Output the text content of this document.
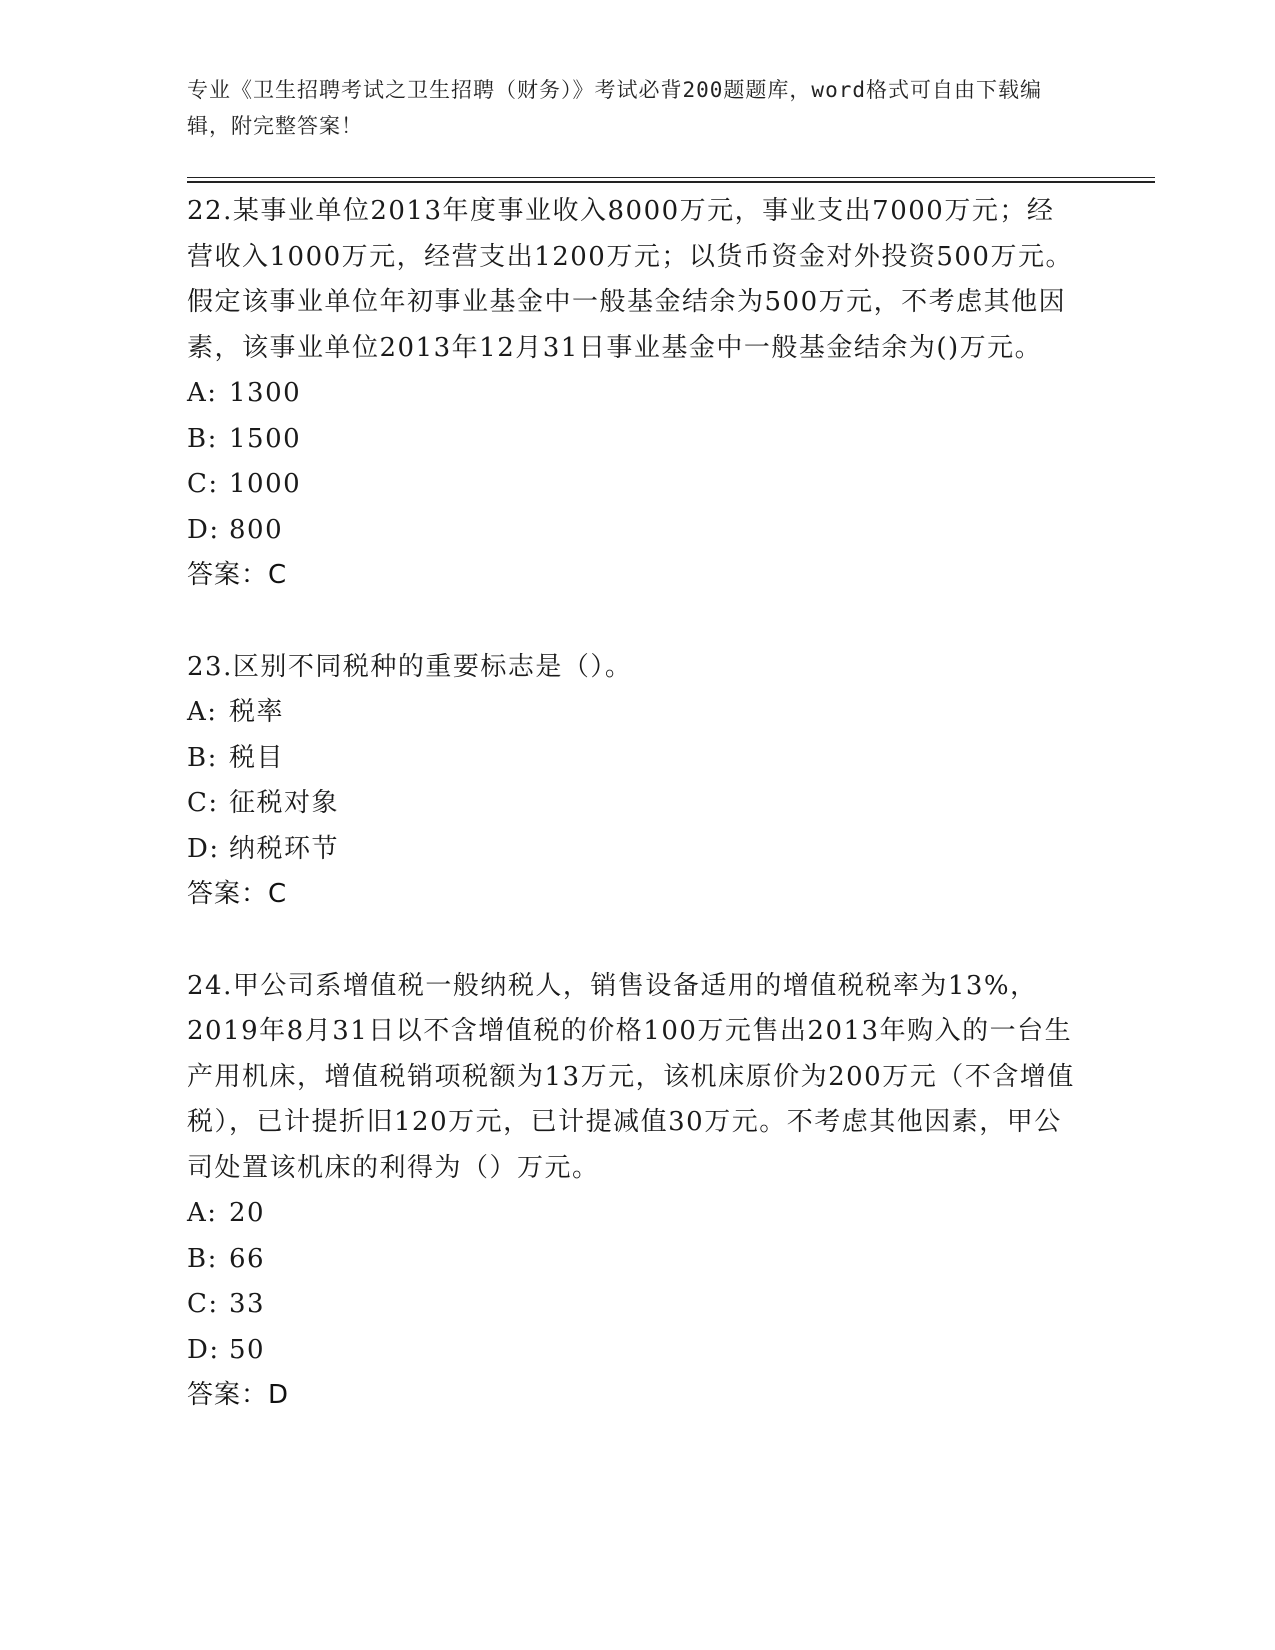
专业《卫生招聘考试之卫生招聘（财务）》考试必背200题题库，word格式可自由下载编辑，附完整答案！

22.某事业单位2013年度事业收入8000万元，事业支出7000万元；经营收入1000万元，经营支出1200万元；以货币资金对外投资500万元。假定该事业单位年初事业基金中一般基金结余为500万元，不考虑其他因素，该事业单位2013年12月31日事业基金中一般基金结余为()万元。

A: 1300

B: 1500

C: 1000

D: 800

答案：C

23.区别不同税种的重要标志是（）。

A: 税率

B: 税目

C: 征税对象

D: 纳税环节

答案：C

24.甲公司系增值税一般纳税人，销售设备适用的增值税税率为13%，2019年8月31日以不含增值税的价格100万元售出2013年购入的一台生产用机床，增值税销项税额为13万元，该机床原价为200万元（不含增值税），已计提折旧120万元，已计提减值30万元。不考虑其他因素，甲公司处置该机床的利得为（）万元。

A: 20

B: 66

C: 33

D: 50

答案：D
